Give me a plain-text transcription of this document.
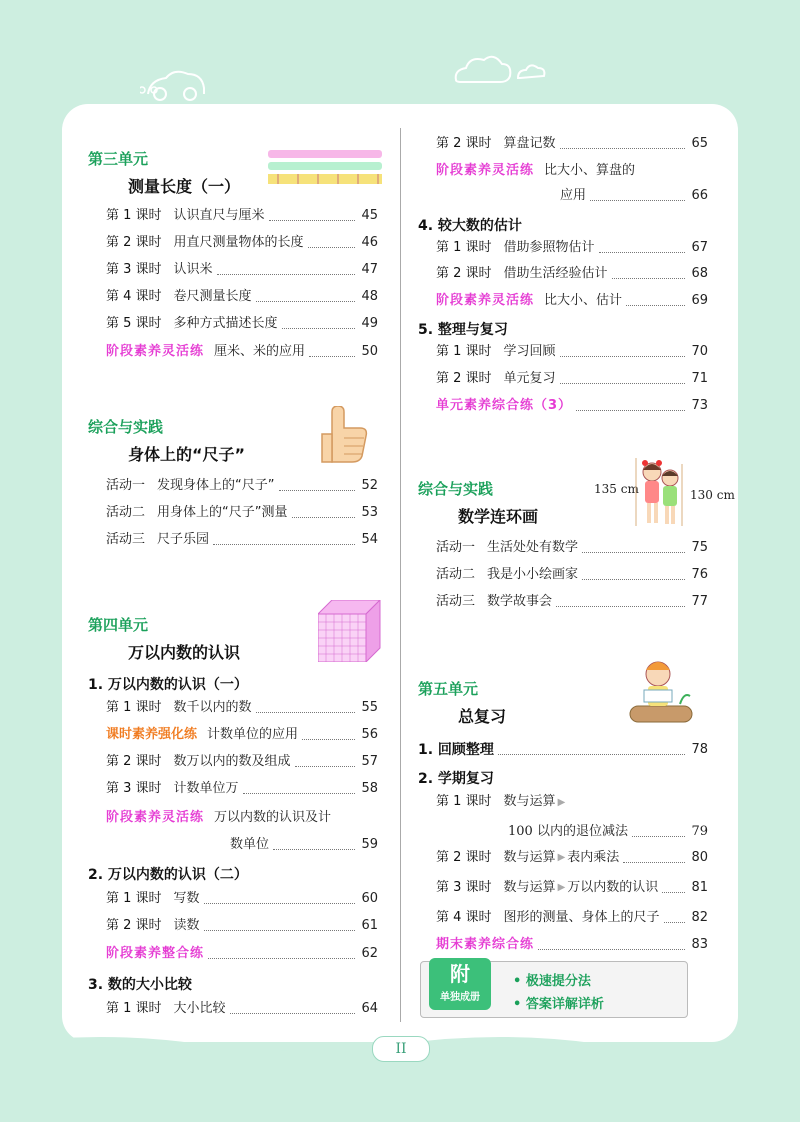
II
第三单元
测量长度（一）
第 1 课时 认识直尺与厘米	45
第 2 课时 用直尺测量物体的长度	46
第 3 课时 认识米	47
第 4 课时 卷尺测量长度	48
第 5 课时 多种方式描述长度	49
阶段素养灵活练 厘米、米的应用	50
综合与实践
身体上的“尺子”
活动一 发现身体上的“尺子”	52
活动二 用身体上的“尺子”测量	53
活动三 尺子乐园	54
第四单元
万以内数的认识
1. 万以内数的认识（一）
第 1 课时 数千以内的数	55
课时素养强化练 计数单位的应用	56
第 2 课时 数万以内的数及组成	57
第 3 课时 计数单位万	58
阶段素养灵活练 万以内数的认识及计
数单位	59
2. 万以内数的认识（二）
第 1 课时 写数	60
第 2 课时 读数	61
阶段素养整合练	62
3. 数的大小比较
第 1 课时 大小比较	64
第 2 课时 算盘记数	65
阶段素养灵活练 比大小、算盘的
应用	66
4. 较大数的估计
第 1 课时 借助参照物估计	67
第 2 课时 借助生活经验估计	68
阶段素养灵活练 比大小、估计	69
5. 整理与复习
第 1 课时 学习回顾	70
第 2 课时 单元复习	71
单元素养综合练（3）	73
综合与实践
数学连环画
135 cm	130 cm
活动一 生活处处有数学	75
活动二 我是小小绘画家	76
活动三 数学故事会	77
第五单元
总复习
1. 回顾整理	78
2. 学期复习
第 1 课时 数与运算 ▶
100 以内的退位减法	79
第 2 课时 数与运算 ▶ 表内乘法	80
第 3 课时 数与运算 ▶ 万以内数的认识	81
第 4 课时 图形的测量、身体上的尺子 82
期末素养综合练	83
附
单独成册
• 极速提分法
• 答案详解详析
